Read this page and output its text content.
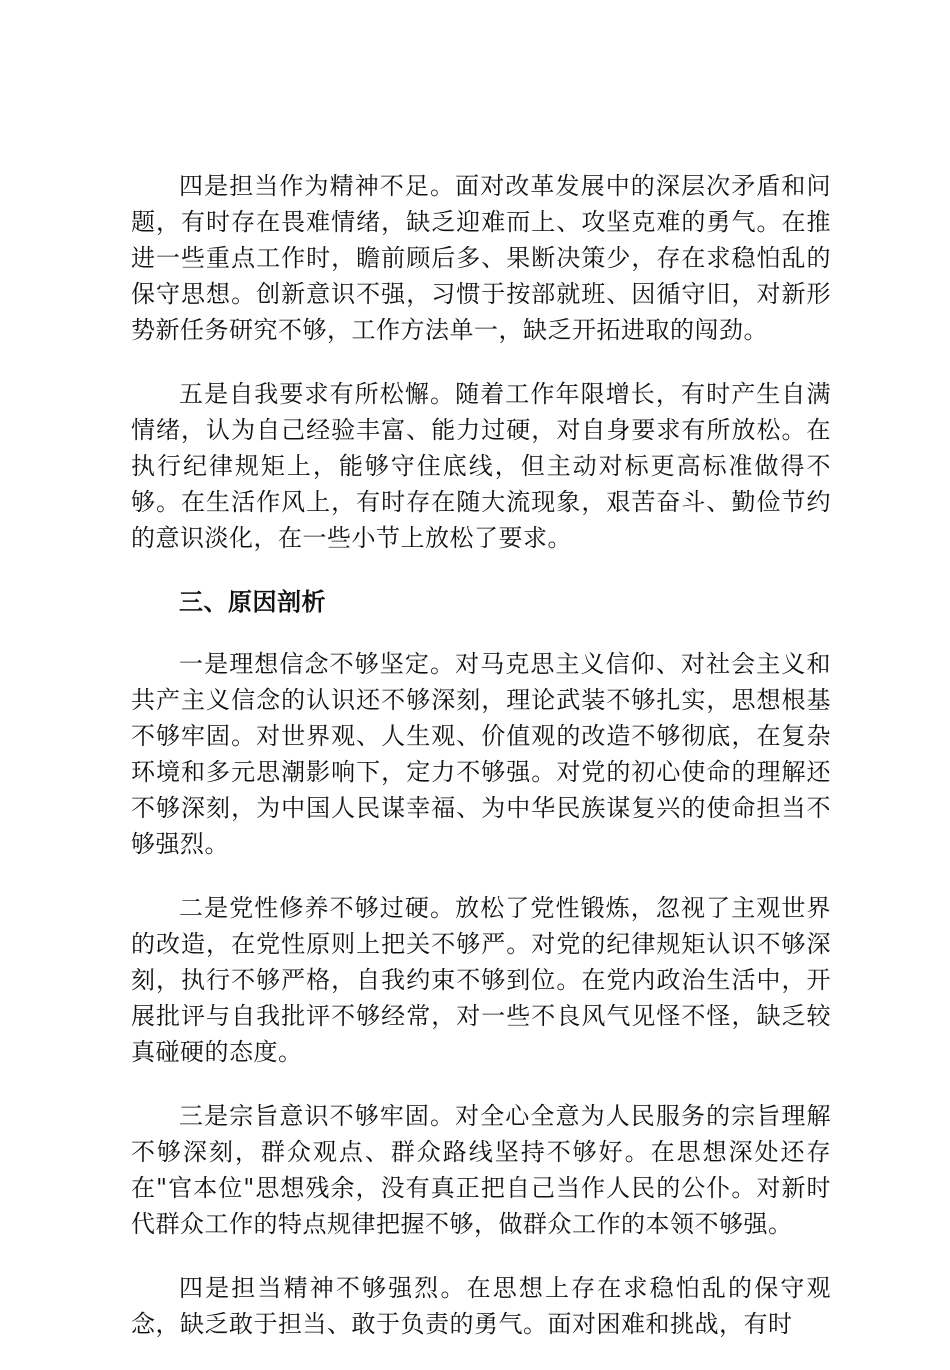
四是担当作为精神不足。面对改革发展中的深层次矛盾和问题，有时存在畏难情绪，缺乏迎难而上、攻坚克难的勇气。在推进一些重点工作时，瞻前顾后多、果断决策少，存在求稳怕乱的保守思想。创新意识不强，习惯于按部就班、因循守旧，对新形势新任务研究不够，工作方法单一，缺乏开拓进取的闯劲。

五是自我要求有所松懈。随着工作年限增长，有时产生自满情绪，认为自己经验丰富、能力过硬，对自身要求有所放松。在执行纪律规矩上，能够守住底线，但主动对标更高标准做得不够。在生活作风上，有时存在随大流现象，艰苦奋斗、勤俭节约的意识淡化，在一些小节上放松了要求。

三、原因剖析

一是理想信念不够坚定。对马克思主义信仰、对社会主义和共产主义信念的认识还不够深刻，理论武装不够扎实，思想根基不够牢固。对世界观、人生观、价值观的改造不够彻底，在复杂环境和多元思潮影响下，定力不够强。对党的初心使命的理解还不够深刻，为中国人民谋幸福、为中华民族谋复兴的使命担当不够强烈。

二是党性修养不够过硬。放松了党性锻炼，忽视了主观世界的改造，在党性原则上把关不够严。对党的纪律规矩认识不够深刻，执行不够严格，自我约束不够到位。在党内政治生活中，开展批评与自我批评不够经常，对一些不良风气见怪不怪，缺乏较真碰硬的态度。

三是宗旨意识不够牢固。对全心全意为人民服务的宗旨理解不够深刻，群众观点、群众路线坚持不够好。在思想深处还存在"官本位"思想残余，没有真正把自己当作人民的公仆。对新时代群众工作的特点规律把握不够，做群众工作的本领不够强。

四是担当精神不够强烈。在思想上存在求稳怕乱的保守观念，缺乏敢于担当、敢于负责的勇气。面对困难和挑战，有时
